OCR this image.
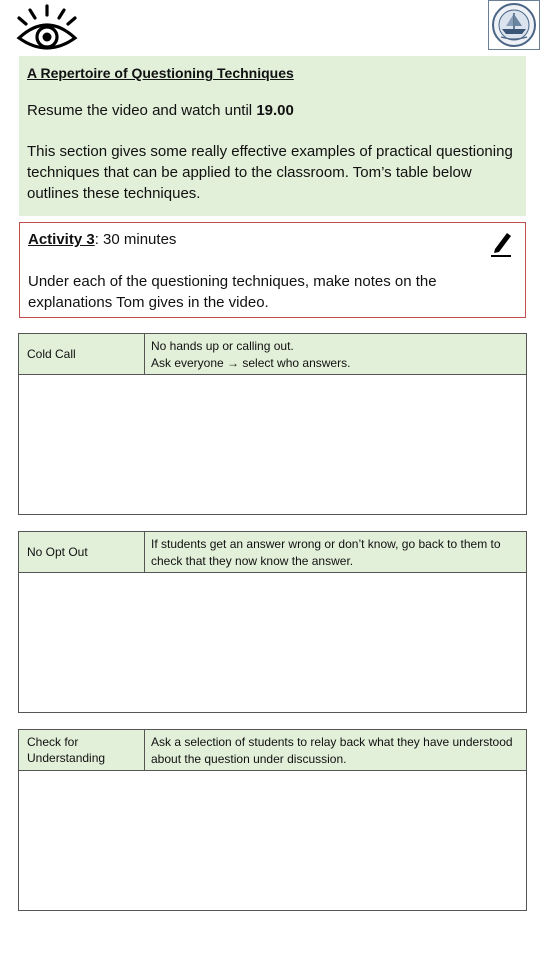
A Repertoire of Questioning Techniques

Resume the video and watch until 19.00

This section gives some really effective examples of practical questioning techniques that can be applied to the classroom. Tom’s table below outlines these techniques.

Activity 3: 30 minutes

Under each of the questioning techniques, make notes on the explanations Tom gives in the video.

Cold Call
No hands up or calling out.
Ask everyone → select who answers.
No Opt Out
If students get an answer wrong or don’t know, go back to them to check that they now know the answer.
Check for Understanding
Ask a selection of students to relay back what they have understood about the question under discussion.
